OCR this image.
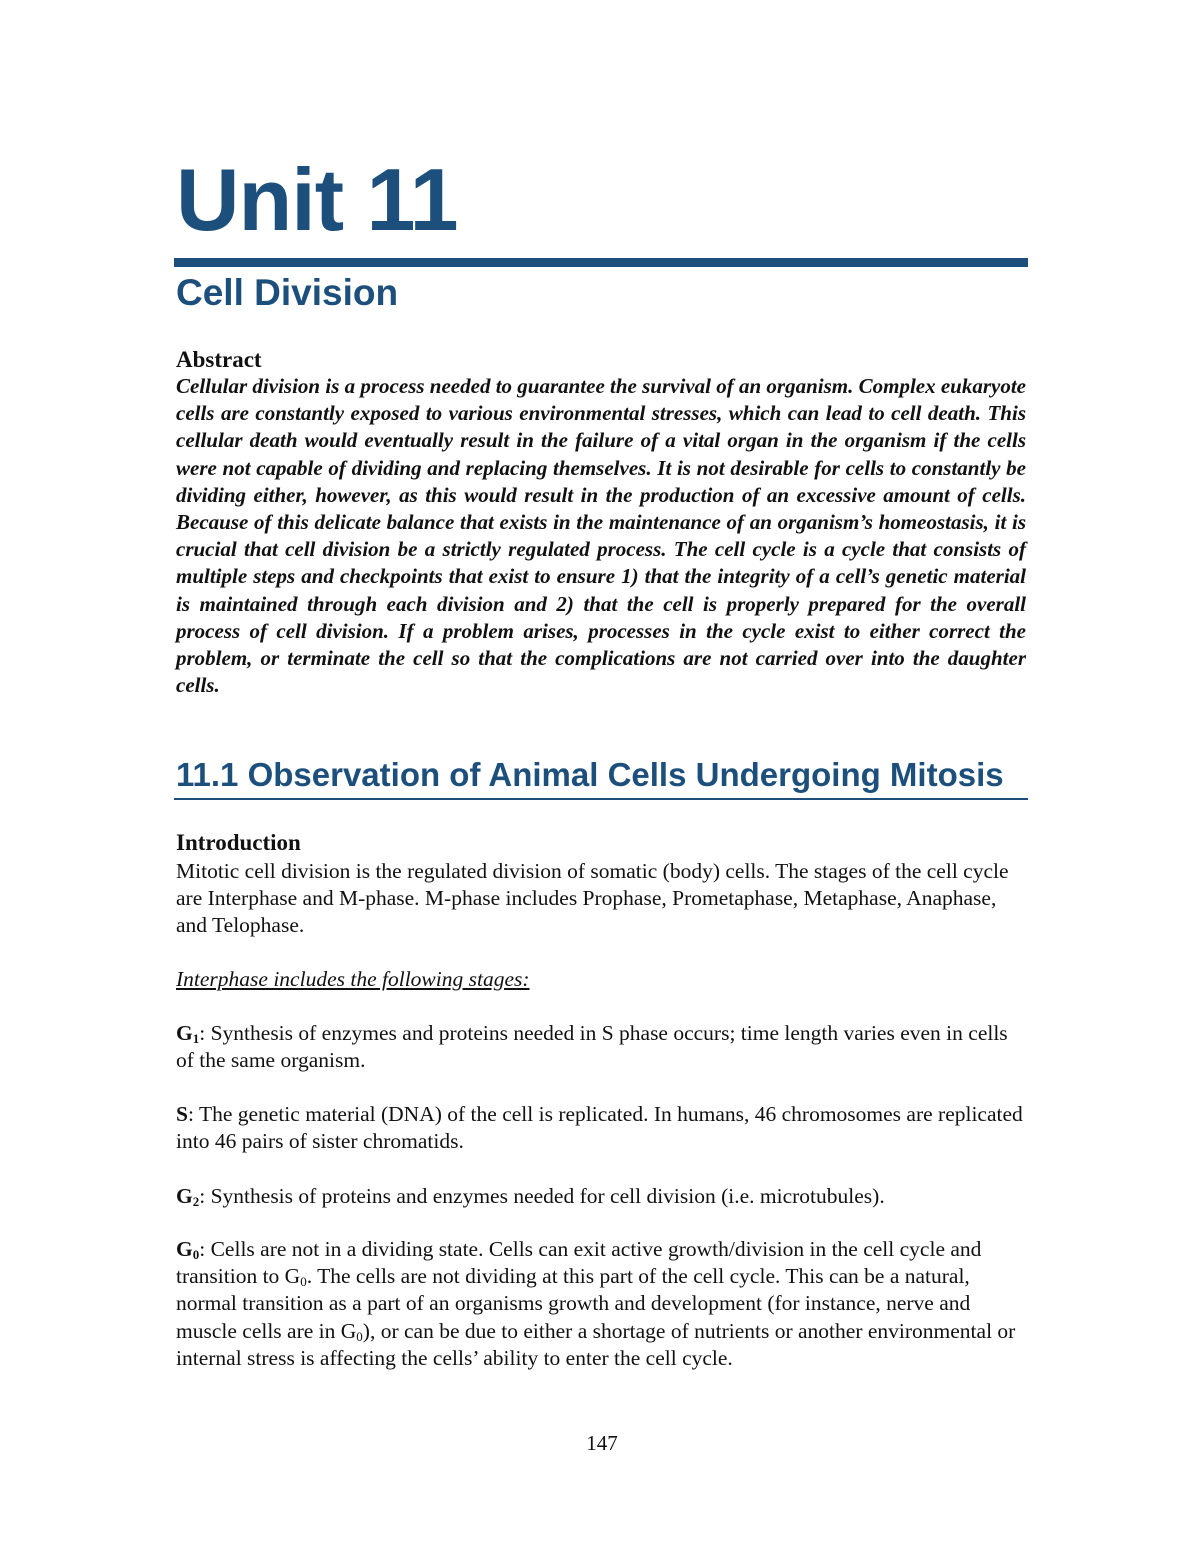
Unit 11
Cell Division
Abstract

Cellular division is a process needed to guarantee the survival of an organism. Complex eukaryote cells are constantly exposed to various environmental stresses, which can lead to cell death. This cellular death would eventually result in the failure of a vital organ in the organism if the cells were not capable of dividing and replacing themselves. It is not desirable for cells to constantly be dividing either, however, as this would result in the production of an excessive amount of cells. Because of this delicate balance that exists in the maintenance of an organism’s homeostasis, it is crucial that cell division be a strictly regulated process. The cell cycle is a cycle that consists of multiple steps and checkpoints that exist to ensure 1) that the integrity of a cell’s genetic material is maintained through each division and 2) that the cell is properly prepared for the overall process of cell division. If a problem arises, processes in the cycle exist to either correct the problem, or terminate the cell so that the complications are not carried over into the daughter cells.

11.1 Observation of Animal Cells Undergoing Mitosis
Introduction

Mitotic cell division is the regulated division of somatic (body) cells. The stages of the cell cycle are Interphase and M-phase. M-phase includes Prophase, Prometaphase, Metaphase, Anaphase, and Telophase.

Interphase includes the following stages:

$G_1$: Synthesis of enzymes and proteins needed in S phase occurs; time length varies even in cells of the same organism.

S: The genetic material (DNA) of the cell is replicated. In humans, 46 chromosomes are replicated into 46 pairs of sister chromatids.

$G_2$: Synthesis of proteins and enzymes needed for cell division (i.e. microtubules).

$G_0$: Cells are not in a dividing state. Cells can exit active growth/division in the cell cycle and transition to $G_0$. The cells are not dividing at this part of the cell cycle. This can be a natural, normal transition as a part of an organisms growth and development (for instance, nerve and muscle cells are in $G_0$), or can be due to either a shortage of nutrients or another environmental or internal stress is affecting the cells’ ability to enter the cell cycle.

147
